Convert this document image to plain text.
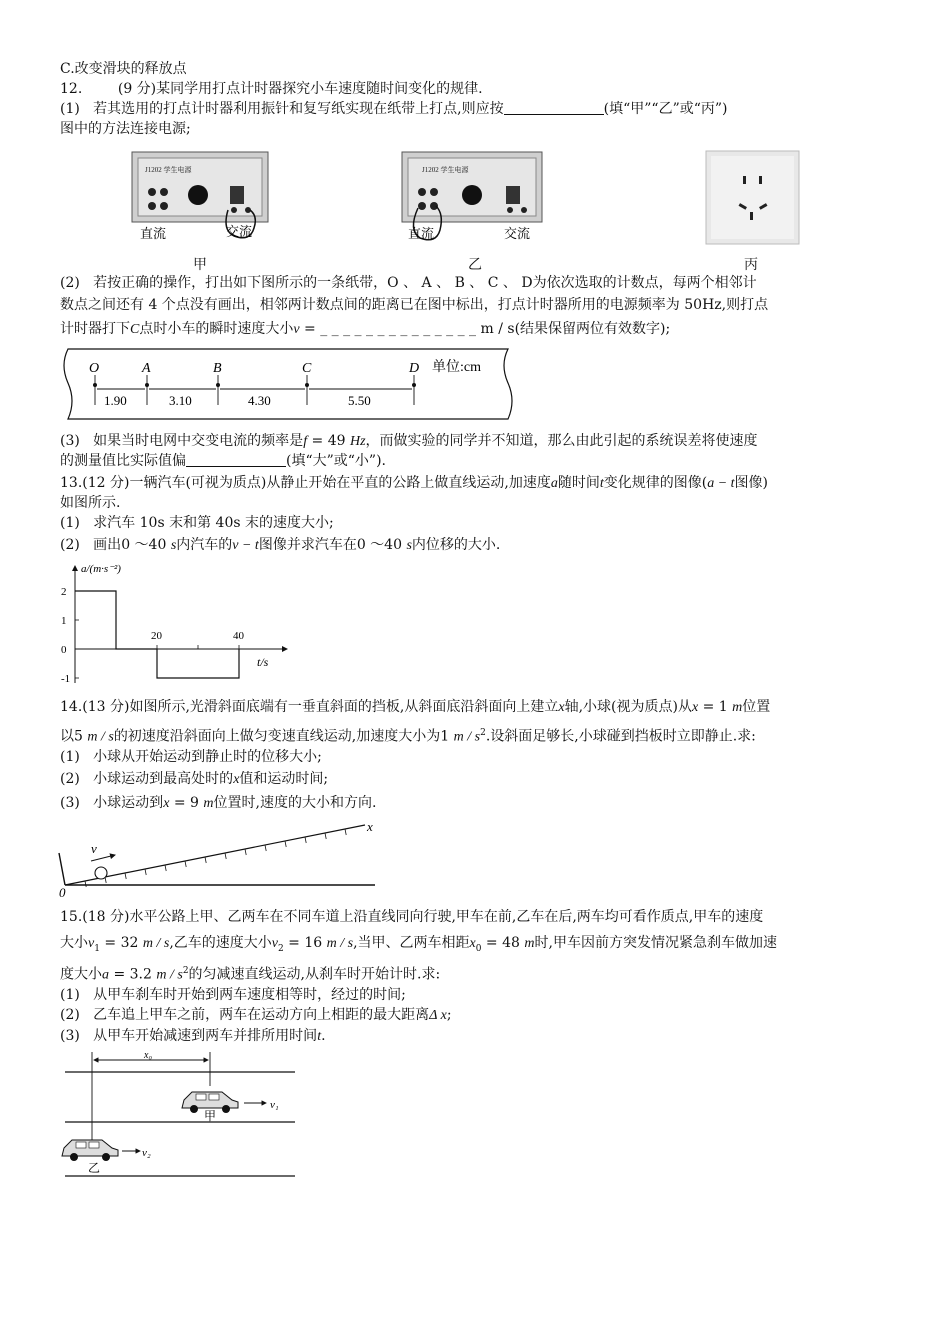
C.改变滑块的释放点
12.        (9 分)某同学用打点计时器探究小车速度随时间变化的规律.
(1)   若其选用的打点计时器利用振针和复写纸实现在纸带上打点,则应按	(填“甲”“乙”或“丙”)
图中的方法连接电源;
J1202 学生电源
直流	交流
甲
J1202 学生电源
直流	交流
乙	丙
(2)   若按正确的操作，打出如下图所示的一条纸带，O 、 A 、 B 、 C 、 D为依次选取的计数点，每两个相邻计
数点之间还有 4 个点没有画出，相邻两计数点间的距离已在图中标出，打点计时器所用的电源频率为 50Hz,则打点
计时器打下C点时小车的瞬时速度大小v = _ _ _ _ _ _ _ _ _ _ _ _ _ _ m / s(结果保留两位有效数字);
O	A	B	C	D 单位:cm
1.90	3.10	4.30	5.50
(3)   如果当时电网中交变电流的频率是f = 49 Hz，而做实验的同学并不知道，那么由此引起的系统误差将使速度
的测量值比实际值偏	(填“大”或“小”).
13.(12 分)一辆汽车(可视为质点)从静止开始在平直的公路上做直线运动,加速度a随时间t变化规律的图像(a − t图像)
如图所示.
(1)   求汽车 10s 末和第 40s 末的速度大小;
(2)   画出0 ～40 s内汽车的v − t图像并求汽车在0 ～40 s内位移的大小.
a/(m·s⁻²)
t/s
2
1
0
-1
20	40
14.(13 分)如图所示,光滑斜面底端有一垂直斜面的挡板,从斜面底沿斜面向上建立x轴,小球(视为质点)从x = 1 m位置
以5 m / s的初速度沿斜面向上做匀变速直线运动,加速度大小为1 m / $s^2$.设斜面足够长,小球碰到挡板时立即静止.求:
(1)   小球从开始运动到静止时的位移大小;
(2)   小球运动到最高处时的x值和运动时间;
(3)   小球运动到x = 9 m位置时,速度的大小和方向.
v
x
0
15.(18 分)水平公路上甲、乙两车在不同车道上沿直线同向行驶,甲车在前,乙车在后,两车均可看作质点,甲车的速度
大小$v_1 = 32$ m / s,乙车的速度大小$v_2 = 16$ m / s,当甲、乙两车相距$x_0 = 48$ m时,甲车因前方突发情况紧急刹车做加速
度大小a = 3.2 m / $s^2$的匀减速直线运动,从刹车时开始计时.求:
(1)   从甲车刹车时开始到两车速度相等时，经过的时间;
(2)   乙车追上甲车之前，两车在运动方向上相距的最大距离Δ x;
(3)   从甲车开始减速到两车并排所用时间t.
x₀
v₁
甲
v₂
乙
